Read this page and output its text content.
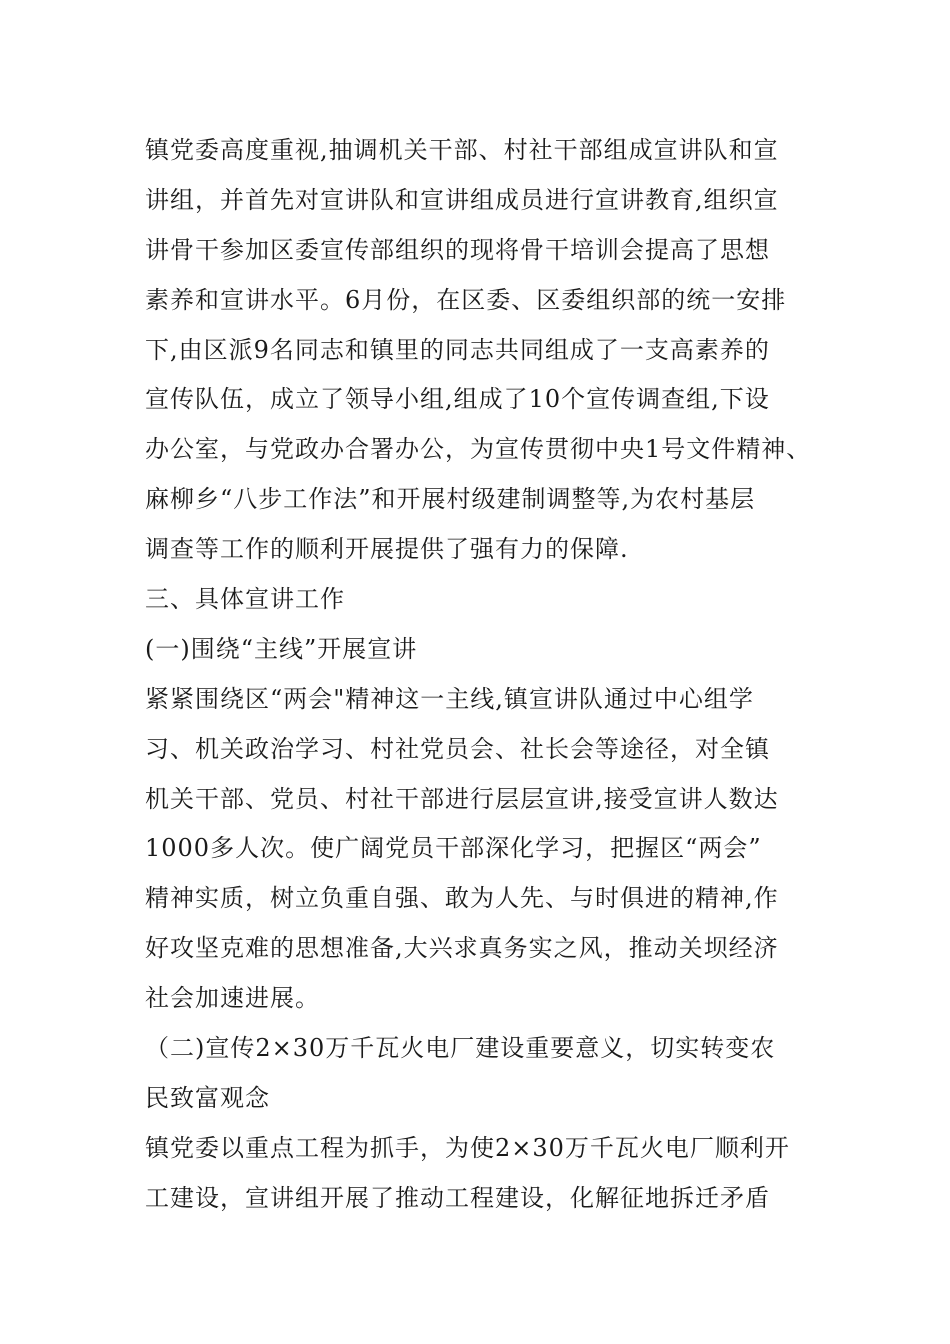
镇党委高度重视,抽调机关干部、村社干部组成宣讲队和宣
讲组，并首先对宣讲队和宣讲组成员进行宣讲教育,组织宣
讲骨干参加区委宣传部组织的现将骨干培训会提高了思想
素养和宣讲水平。6月份，在区委、区委组织部的统一安排
下,由区派9名同志和镇里的同志共同组成了一支高素养的
宣传队伍，成立了领导小组,组成了10个宣传调查组,下设
办公室，与党政办合署办公，为宣传贯彻中央1号文件精神、
麻柳乡“八步工作法”和开展村级建制调整等,为农村基层
调查等工作的顺利开展提供了强有力的保障.
三、具体宣讲工作
(一)围绕“主线”开展宣讲
紧紧围绕区“两会"精神这一主线,镇宣讲队通过中心组学
习、机关政治学习、村社党员会、社长会等途径，对全镇
机关干部、党员、村社干部进行层层宣讲,接受宣讲人数达
1000多人次。使广阔党员干部深化学习，把握区“两会”
精神实质，树立负重自强、敢为人先、与时俱进的精神,作
好攻坚克难的思想准备,大兴求真务实之风，推动关坝经济
社会加速进展。
（二)宣传2×30万千瓦火电厂建设重要意义，切实转变农
民致富观念
镇党委以重点工程为抓手，为使2×30万千瓦火电厂顺利开
工建设，宣讲组开展了推动工程建设，化解征地拆迁矛盾
